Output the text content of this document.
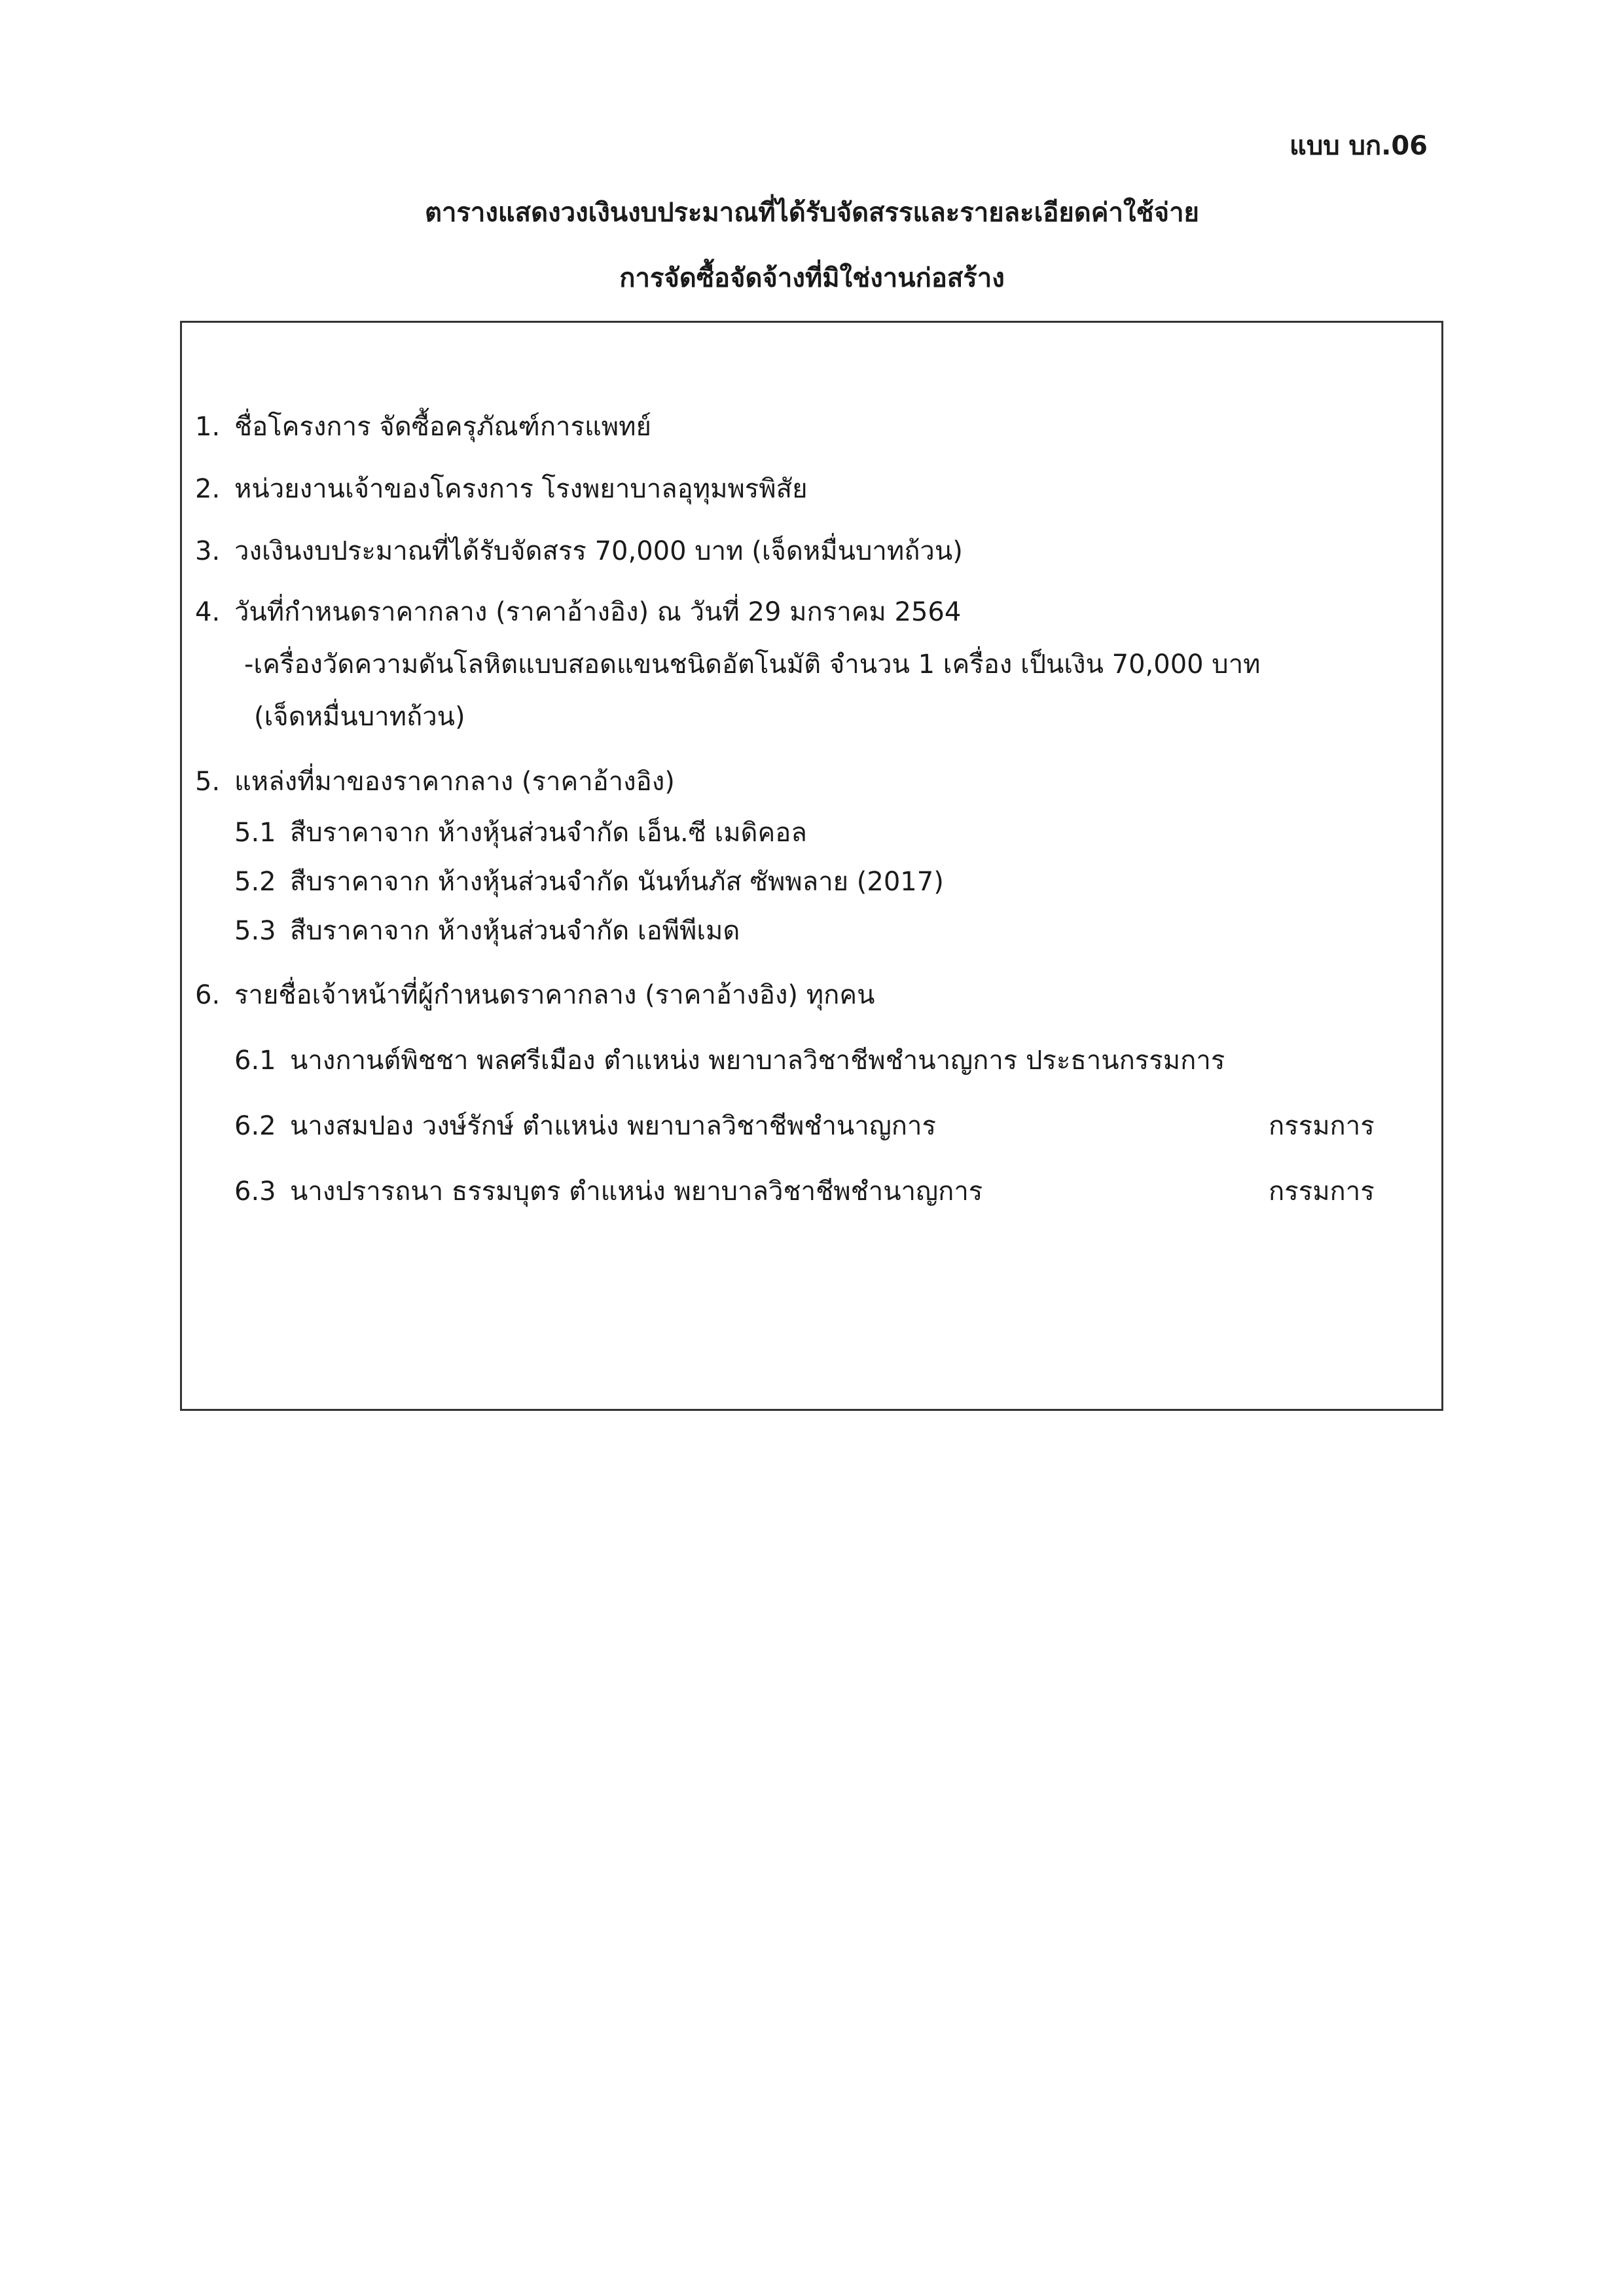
แบบ บก.06
ตารางแสดงวงเงินงบประมาณที่ได้รับจัดสรรและรายละเอียดค่าใช้จ่าย
การจัดซื้อจัดจ้างที่มิใช่งานก่อสร้าง
1. ชื่อโครงการ จัดซื้อครุภัณฑ์การแพทย์
2. หน่วยงานเจ้าของโครงการ โรงพยาบาลอุทุมพรพิสัย
3. วงเงินงบประมาณที่ได้รับจัดสรร 70,000 บาท (เจ็ดหมื่นบาทถ้วน)
4. วันที่กำหนดราคากลาง (ราคาอ้างอิง) ณ วันที่ 29 มกราคม 2564
-เครื่องวัดความดันโลหิตแบบสอดแขนชนิดอัตโนมัติ จำนวน 1 เครื่อง เป็นเงิน 70,000 บาท
(เจ็ดหมื่นบาทถ้วน)
5. แหล่งที่มาของราคากลาง (ราคาอ้างอิง)
5.1 สืบราคาจาก ห้างหุ้นส่วนจำกัด เอ็น.ซี เมดิคอล
5.2 สืบราคาจาก ห้างหุ้นส่วนจำกัด นันท์นภัส ซัพพลาย (2017)
5.3 สืบราคาจาก ห้างหุ้นส่วนจำกัด เอพีพีเมด
6. รายชื่อเจ้าหน้าที่ผู้กำหนดราคากลาง (ราคาอ้างอิง) ทุกคน
6.1 นางกานต์พิชชา พลศรีเมือง ตำแหน่ง พยาบาลวิชาชีพชำนาญการ ประธานกรรมการ
6.2 นางสมปอง วงษ์รักษ์ ตำแหน่ง พยาบาลวิชาชีพชำนาญการ	กรรมการ
6.3 นางปรารถนา ธรรมบุตร ตำแหน่ง พยาบาลวิชาชีพชำนาญการ	กรรมการ
